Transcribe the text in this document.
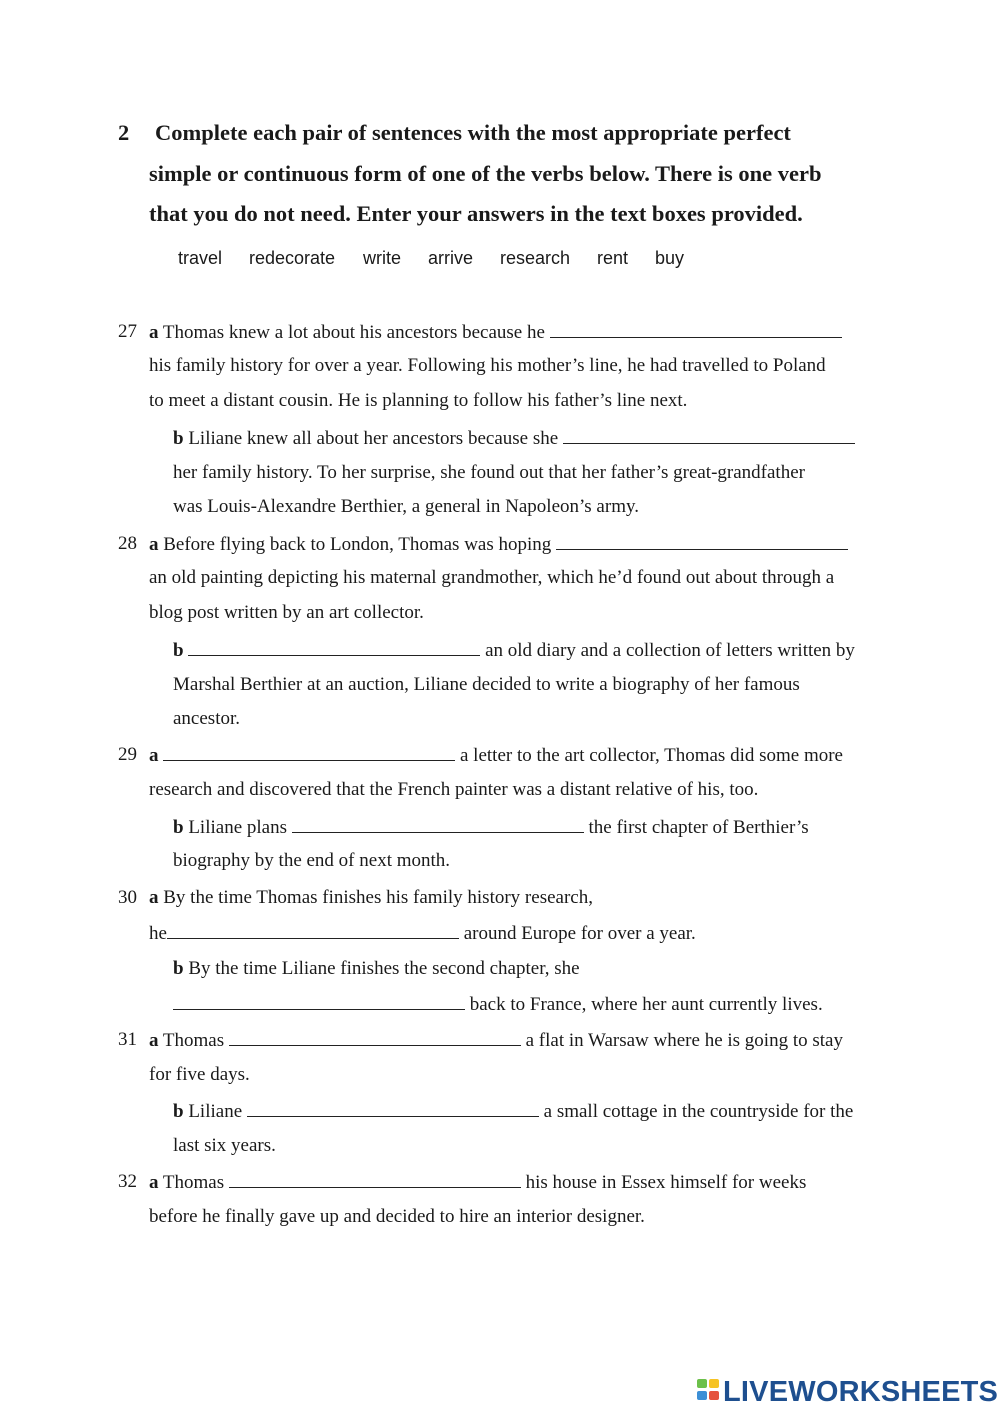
2 Complete each pair of sentences with the most appropriate perfect
simple or continuous form of one of the verbs below. There is one verb
that you do not need. Enter your answers in the text boxes provided.
travel redecorate write arrive research rent buy
27 a Thomas knew a lot about his ancestors because he
his family history for over a year. Following his mother’s line, he had travelled to Poland
to meet a distant cousin. He is planning to follow his father’s line next.
b Liliane knew all about her ancestors because she
her family history. To her surprise, she found out that her father’s great-grandfather
was Louis-Alexandre Berthier, a general in Napoleon’s army.
28 a Before flying back to London, Thomas was hoping
an old painting depicting his maternal grandmother, which he’d found out about through a
blog post written by an art collector.
b	an old diary and a collection of letters written by
Marshal Berthier at an auction, Liliane decided to write a biography of her famous
ancestor.
29 a	a letter to the art collector, Thomas did some more
research and discovered that the French painter was a distant relative of his, too.
b Liliane plans	the first chapter of Berthier’s
biography by the end of next month.
30 a By the time Thomas finishes his family history research,
he	around Europe for over a year.
b By the time Liliane finishes the second chapter, she
back to France, where her aunt currently lives.
31 a Thomas	a flat in Warsaw where he is going to stay
for five days.
b Liliane	a small cottage in the countryside for the
last six years.
32 a Thomas	his house in Essex himself for weeks
before he finally gave up and decided to hire an interior designer.
LIVEWORKSHEETS
